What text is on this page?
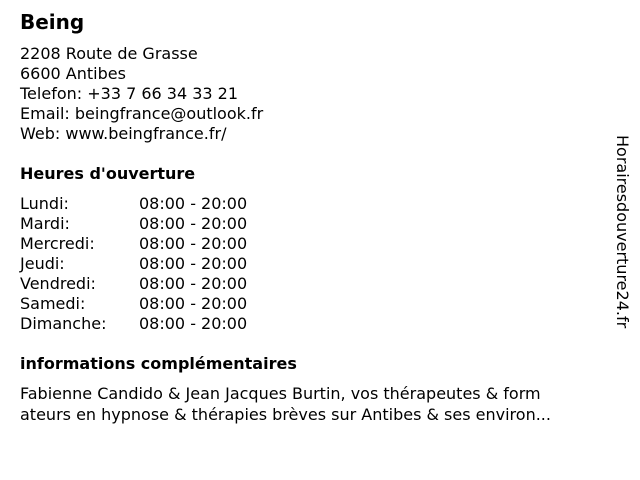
Being
2208 Route de Grasse
6600 Antibes
Telefon: +33 7 66 34 33 21
Email: beingfrance@outlook.fr
Web: www.beingfrance.fr/
Heures d'ouverture
Lundi:	08:00 - 20:00
Mardi:	08:00 - 20:00
Mercredi:	08:00 - 20:00
Jeudi:	08:00 - 20:00
Vendredi:	08:00 - 20:00
Samedi:	08:00 - 20:00
Dimanche: 08:00 - 20:00
informations complémentaires
Fabienne Candido & Jean Jacques Burtin, vos thérapeutes & form
ateurs en hypnose & thérapies brèves sur Antibes & ses environ...
Horairesdouverture24.fr
